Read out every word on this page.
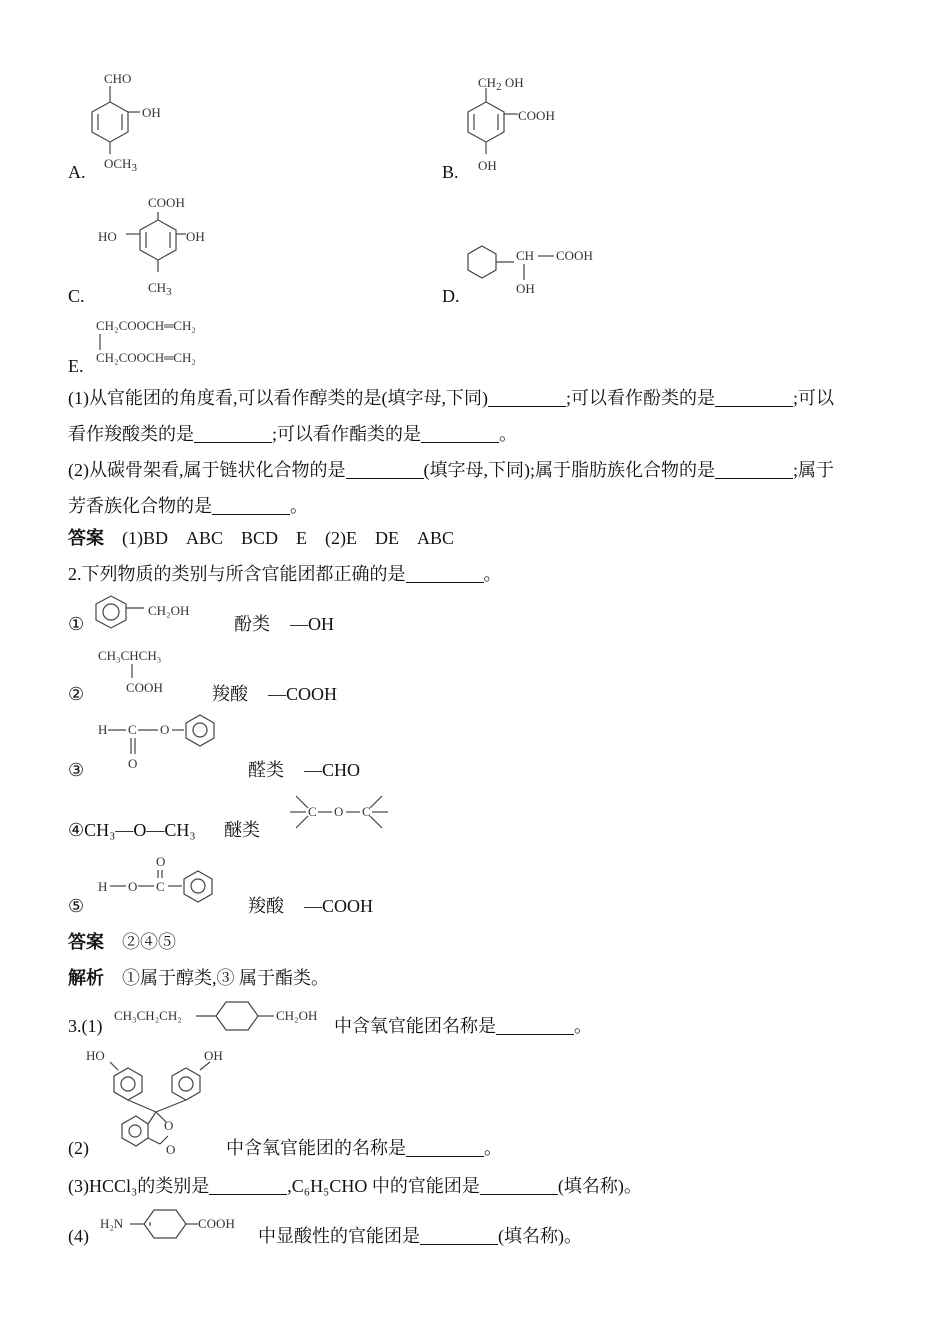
CHO
OH
$OCH_3$
A.
$CH_2$ OH
COOH
OH
B.
COOH
HO	OH
$CH_3$
C.
CH COOH
OH
D.
CH₂COOCH═CH₂
CH₂COOCH═CH₂
E.
(1)从官能团的角度看,可以看作醇类的是(填字母,下同)	;可以看作酚类的是	;可以
看作羧酸类的是	;可以看作酯类的是	。
(2)从碳骨架看,属于链状化合物的是	(填字母,下同);属于脂肪族化合物的是	;属于
芳香族化合物的是	。
答案　 (1)BD　ABC　BCD　E　(2)E　DE　ABC
2.下列物质的类别与所含官能团都正确的是	。
①
CH₂OH
酚类 —OH
CH₃CHCH₃
COOH
②	羧酸 —COOH
H C O
O
③	醛类 —CHO
④CH₃—O—CH₃ 醚类
C O C
O
H O C
⑤	羧酸 —COOH
答案　 ②④⑤
解析　 ①属于醇类,③ 属于酯类。
3.(1)
CH₃CH₂CH₂	CH₂OH
中含氧官能团名称是	。
HO	OH
O
O
(2)	中含氧官能团的名称是	。
(3)HCCl₃的类别是	,C₆H₅CHO 中的官能团是	(填名称)。
(4)
H₂N	COOH
中显酸性的官能团是	(填名称)。
